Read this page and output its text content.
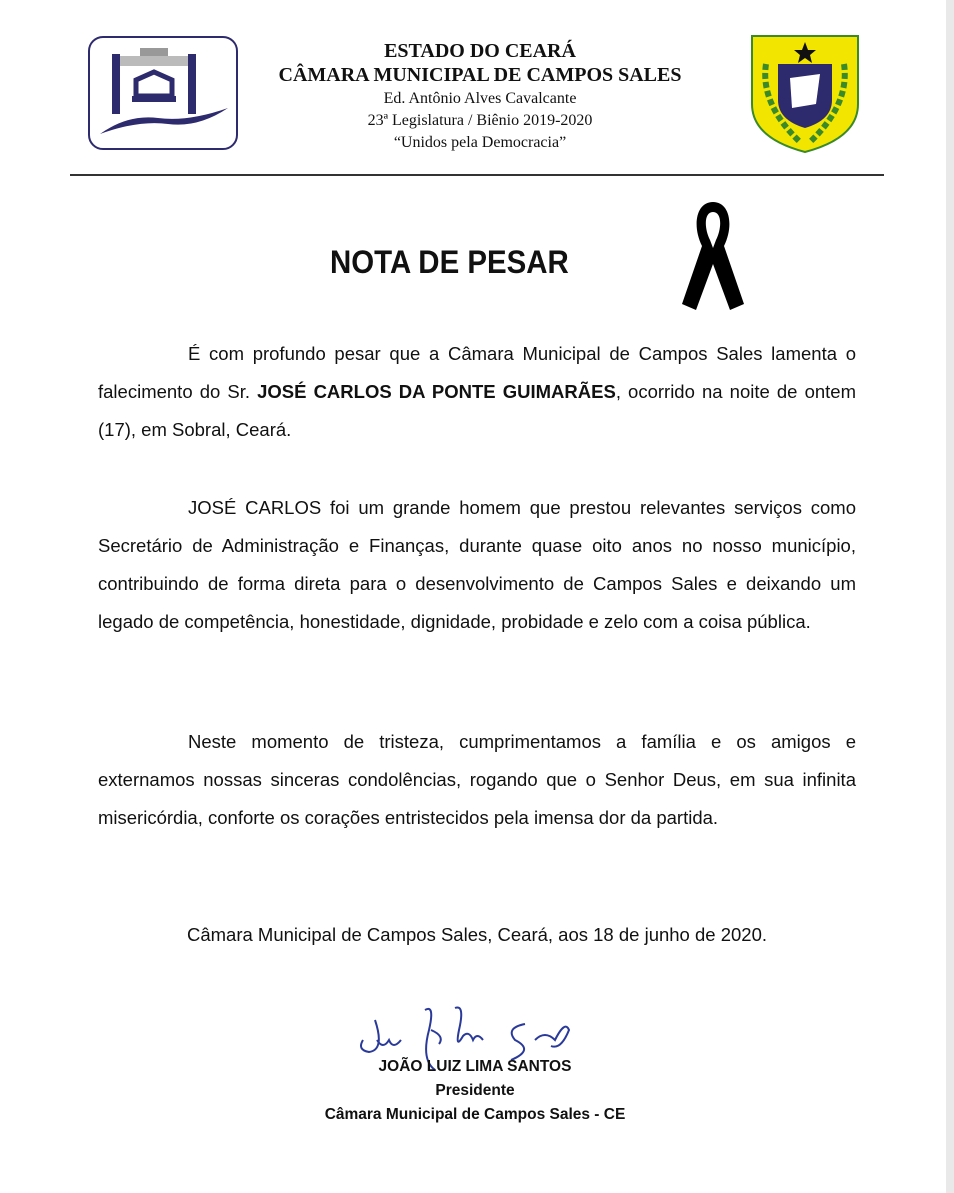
ESTADO DO CEARÁ
CÂMARA MUNICIPAL DE CAMPOS SALES
Ed. Antônio Alves Cavalcante
23ª Legislatura / Biênio 2019-2020
“Unidos pela Democracia”
NOTA DE PESAR
É com profundo pesar que a Câmara Municipal de Campos Sales lamenta o falecimento do Sr. JOSÉ CARLOS DA PONTE GUIMARÃES, ocorrido na noite de ontem (17), em Sobral, Ceará.
JOSÉ CARLOS foi um grande homem que prestou relevantes serviços como Secretário de Administração e Finanças, durante quase oito anos no nosso município, contribuindo de forma direta para o desenvolvimento de Campos Sales e deixando um legado de competência, honestidade, dignidade, probidade e zelo com a coisa pública.
Neste momento de tristeza, cumprimentamos a família e os amigos e externamos nossas sinceras condolências, rogando que o Senhor Deus, em sua infinita misericórdia, conforte os corações entristecidos pela imensa dor da partida.
Câmara Municipal de Campos Sales, Ceará, aos 18 de junho de 2020.
JOÃO LUIZ LIMA SANTOS
Presidente
Câmara Municipal de Campos Sales - CE
